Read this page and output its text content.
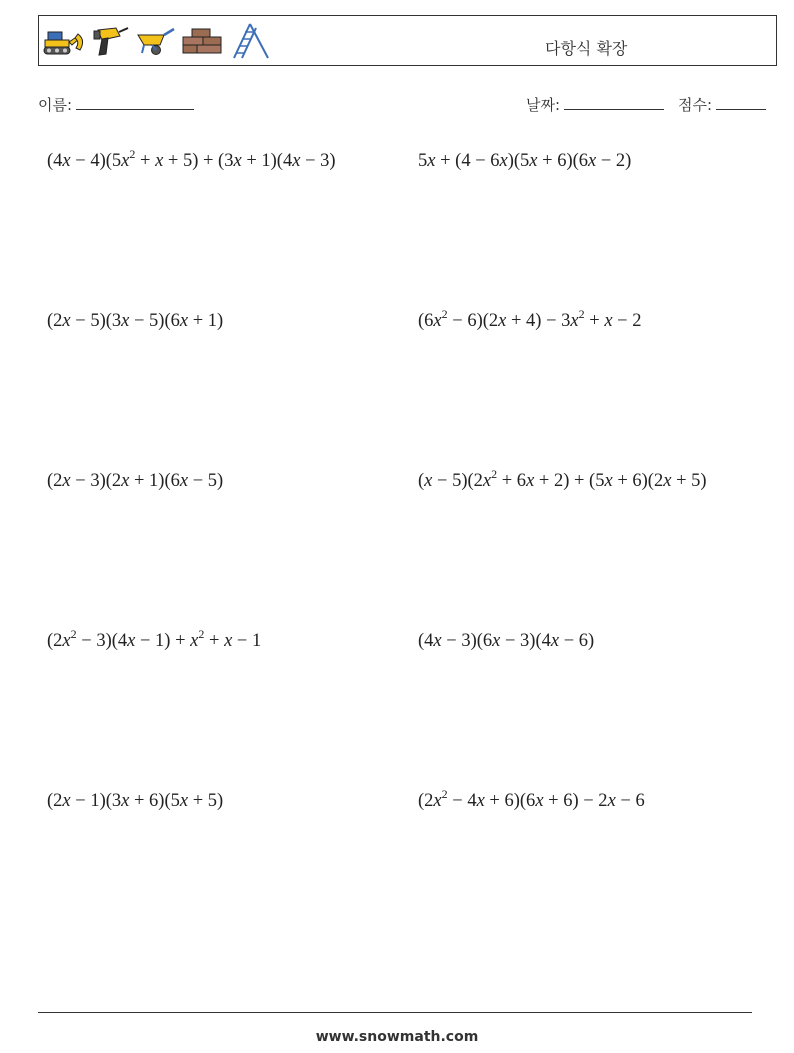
다항식 확장
이름:	날짜:	점수:
$(4x - 4)(5x^2 + x + 5) + (3x + 1)(4x - 3)$	5x + (4 − 6x)(5x + 6)(6x − 2)
(2x − 5)(3x − 5)(6x + 1)	$(6x^2 - 6)(2x + 4) - 3x^2 + x - 2$
(2x − 3)(2x + 1)(6x − 5)	$(x - 5)(2x^2 + 6x + 2) + (5x + 6)(2x + 5)$
$(2x^2 - 3)(4x - 1) + x^2 + x - 1$	(4x − 3)(6x − 3)(4x − 6)
(2x − 1)(3x + 6)(5x + 5)	$(2x^2 - 4x + 6)(6x + 6) - 2x - 6$
www.snowmath.com
